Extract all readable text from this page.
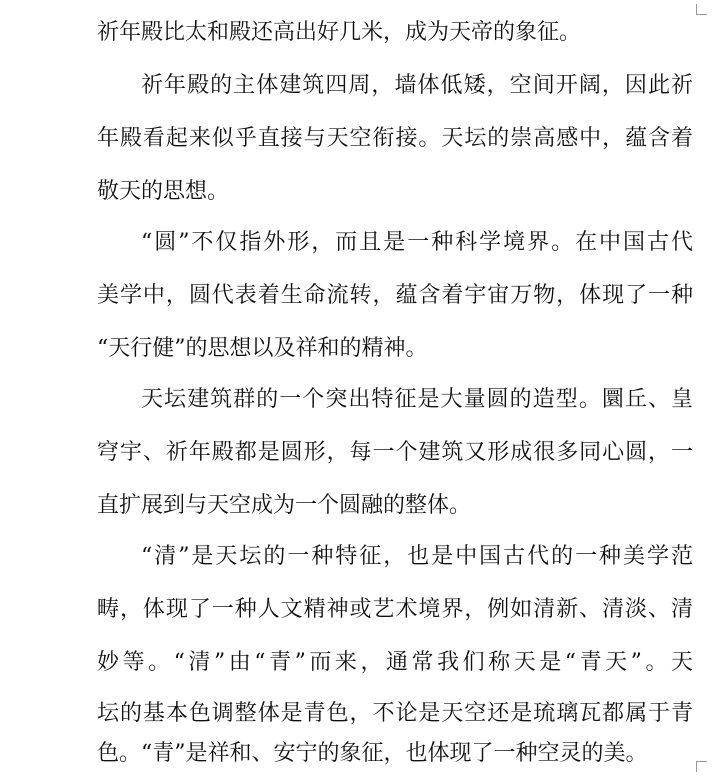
祈年殿比太和殿还高出好几米，成为天帝的象征。
祈年殿的主体建筑四周，墙体低矮，空间开阔，因此祈
年殿看起来似乎直接与天空衔接。天坛的崇高感中，蕴含着
敬天的思想。
“圆”不仅指外形，而且是一种科学境界。在中国古代
美学中，圆代表着生命流转，蕴含着宇宙万物，体现了一种
“天行健”的思想以及祥和的精神。
天坛建筑群的一个突出特征是大量圆的造型。圜丘、皇
穹宇、祈年殿都是圆形，每一个建筑又形成很多同心圆，一
直扩展到与天空成为一个圆融的整体。
“清”是天坛的一种特征，也是中国古代的一种美学范
畴，体现了一种人文精神或艺术境界，例如清新、清淡、清
妙等。“清”由“青”而来，通常我们称天是“青天”。天
坛的基本色调整体是青色，不论是天空还是琉璃瓦都属于青
色。“青”是祥和、安宁的象征，也体现了一种空灵的美。
